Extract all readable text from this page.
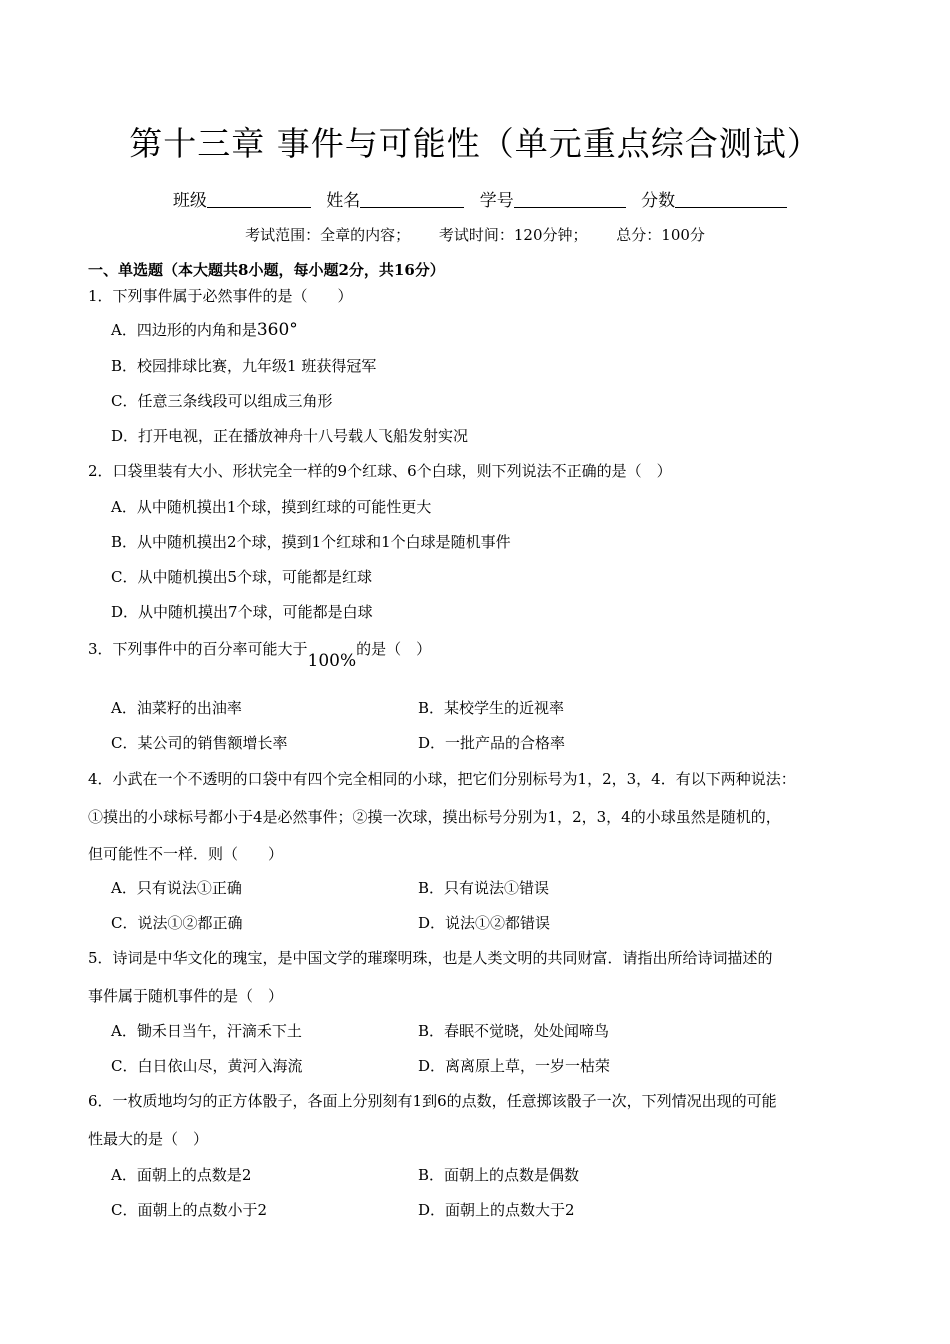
第十三章 事件与可能性（单元重点综合测试）
班级	姓名	学号	分数
考试范围：全章的内容； 考试时间：120分钟； 总分：100分
一、单选题（本大题共8小题，每小题2分，共16分）
1．下列事件属于必然事件的是（　　）
A．四边形的内角和是360°
B．校园排球比赛，九年级1 班获得冠军
C．任意三条线段可以组成三角形
D．打开电视，正在播放神舟十八号载人飞船发射实况
2．口袋里装有大小、形状完全一样的9个红球、6个白球，则下列说法不正确的是（　）
A．从中随机摸出1个球，摸到红球的可能性更大
B．从中随机摸出2个球，摸到1个红球和1个白球是随机事件
C．从中随机摸出5个球，可能都是红球
D．从中随机摸出7个球，可能都是白球
3．下列事件中的百分率可能大于100%的是（　）
A．油菜籽的出油率	B．某校学生的近视率
C．某公司的销售额增长率	D．一批产品的合格率
4．小武在一个不透明的口袋中有四个完全相同的小球，把它们分别标号为1，2，3，4．有以下两种说法：
①摸出的小球标号都小于4是必然事件；②摸一次球，摸出标号分别为1，2，3，4的小球虽然是随机的，
但可能性不一样．则（　　）
A．只有说法①正确	B．只有说法①错误
C．说法①②都正确	D．说法①②都错误
5．诗词是中华文化的瑰宝，是中国文学的璀璨明珠，也是人类文明的共同财富．请指出所给诗词描述的
事件属于随机事件的是（　）
A．锄禾日当午，汗滴禾下土	B．春眠不觉晓，处处闻啼鸟
C．白日依山尽，黄河入海流	D．离离原上草，一岁一枯荣
6．一枚质地均匀的正方体骰子，各面上分别刻有1到6的点数，任意掷该骰子一次，下列情况出现的可能
性最大的是（　）
A．面朝上的点数是2	B．面朝上的点数是偶数
C．面朝上的点数小于2	D．面朝上的点数大于2
